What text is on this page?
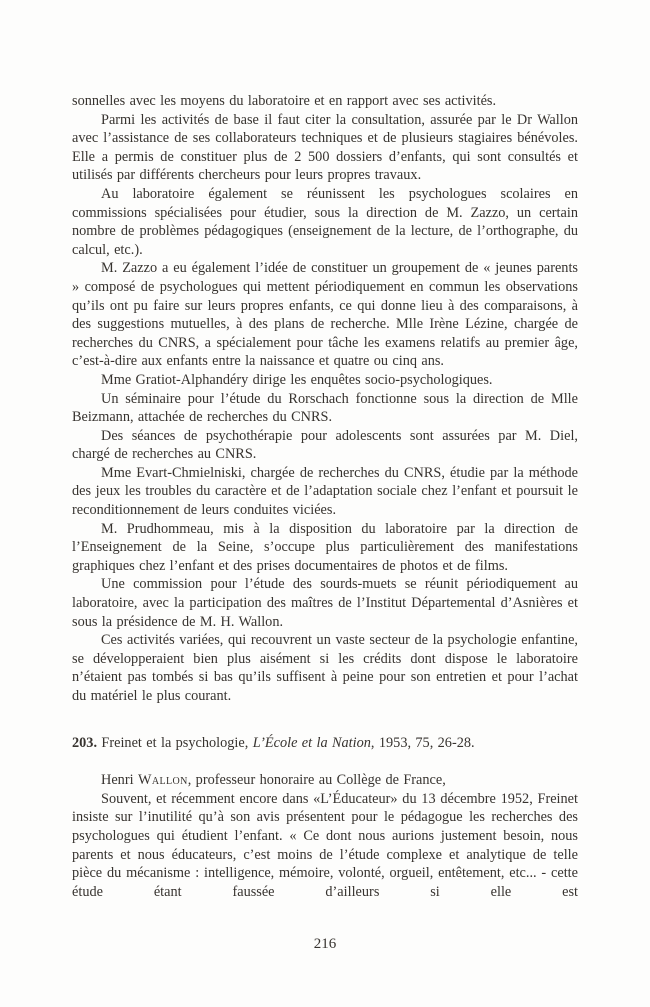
sonnelles avec les moyens du laboratoire et en rapport avec ses activités.

Parmi les activités de base il faut citer la consultation, assurée par le Dr Wallon avec l’assistance de ses collaborateurs techniques et de plusieurs stagiaires bénévoles. Elle a permis de constituer plus de 2 500 dossiers d’enfants, qui sont consultés et utilisés par différents chercheurs pour leurs propres travaux.

Au laboratoire également se réunissent les psychologues scolaires en commissions spécialisées pour étudier, sous la direction de M. Zazzo, un certain nombre de problèmes pédagogiques (enseignement de la lecture, de l’orthographe, du calcul, etc.).

M. Zazzo a eu également l’idée de constituer un groupement de « jeunes parents » composé de psychologues qui mettent périodiquement en commun les observations qu’ils ont pu faire sur leurs propres enfants, ce qui donne lieu à des comparaisons, à des suggestions mutuelles, à des plans de recherche. Mlle Irène Lézine, chargée de recherches du CNRS, a spécialement pour tâche les examens relatifs au premier âge, c’est-à-dire aux enfants entre la naissance et quatre ou cinq ans.

Mme Gratiot-Alphandéry dirige les enquêtes socio-psychologiques.

Un séminaire pour l’étude du Rorschach fonctionne sous la direction de Mlle Beizmann, attachée de recherches du CNRS.

Des séances de psychothérapie pour adolescents sont assurées par M. Diel, chargé de recherches au CNRS.

Mme Evart-Chmielniski, chargée de recherches du CNRS, étudie par la méthode des jeux les troubles du caractère et de l’adaptation sociale chez l’enfant et poursuit le reconditionnement de leurs conduites viciées.

M. Prudhommeau, mis à la disposition du laboratoire par la direction de l’Enseignement de la Seine, s’occupe plus particulièrement des manifestations graphiques chez l’enfant et des prises documentaires de photos et de films.

Une commission pour l’étude des sourds-muets se réunit périodiquement au laboratoire, avec la participation des maîtres de l’Institut Départemental d’Asnières et sous la présidence de M. H. Wallon.

Ces activités variées, qui recouvrent un vaste secteur de la psychologie enfantine, se développeraient bien plus aisément si les crédits dont dispose le laboratoire n’étaient pas tombés si bas qu’ils suffisent à peine pour son entretien et pour l’achat du matériel le plus courant.

203. Freinet et la psychologie, L’École et la Nation, 1953, 75, 26-28.

Henri Wallon, professeur honoraire au Collège de France,

Souvent, et récemment encore dans «L’Éducateur» du 13 décembre 1952, Freinet insiste sur l’inutilité qu’à son avis présentent pour le pédagogue les recherches des psychologues qui étudient l’enfant. « Ce dont nous aurions justement besoin, nous parents et nous éducateurs, c’est moins de l’étude complexe et analytique de telle pièce du mécanisme : intelligence, mémoire, volonté, orgueil, entêtement, etc... - cette étude étant faussée d’ailleurs si elle est

216
